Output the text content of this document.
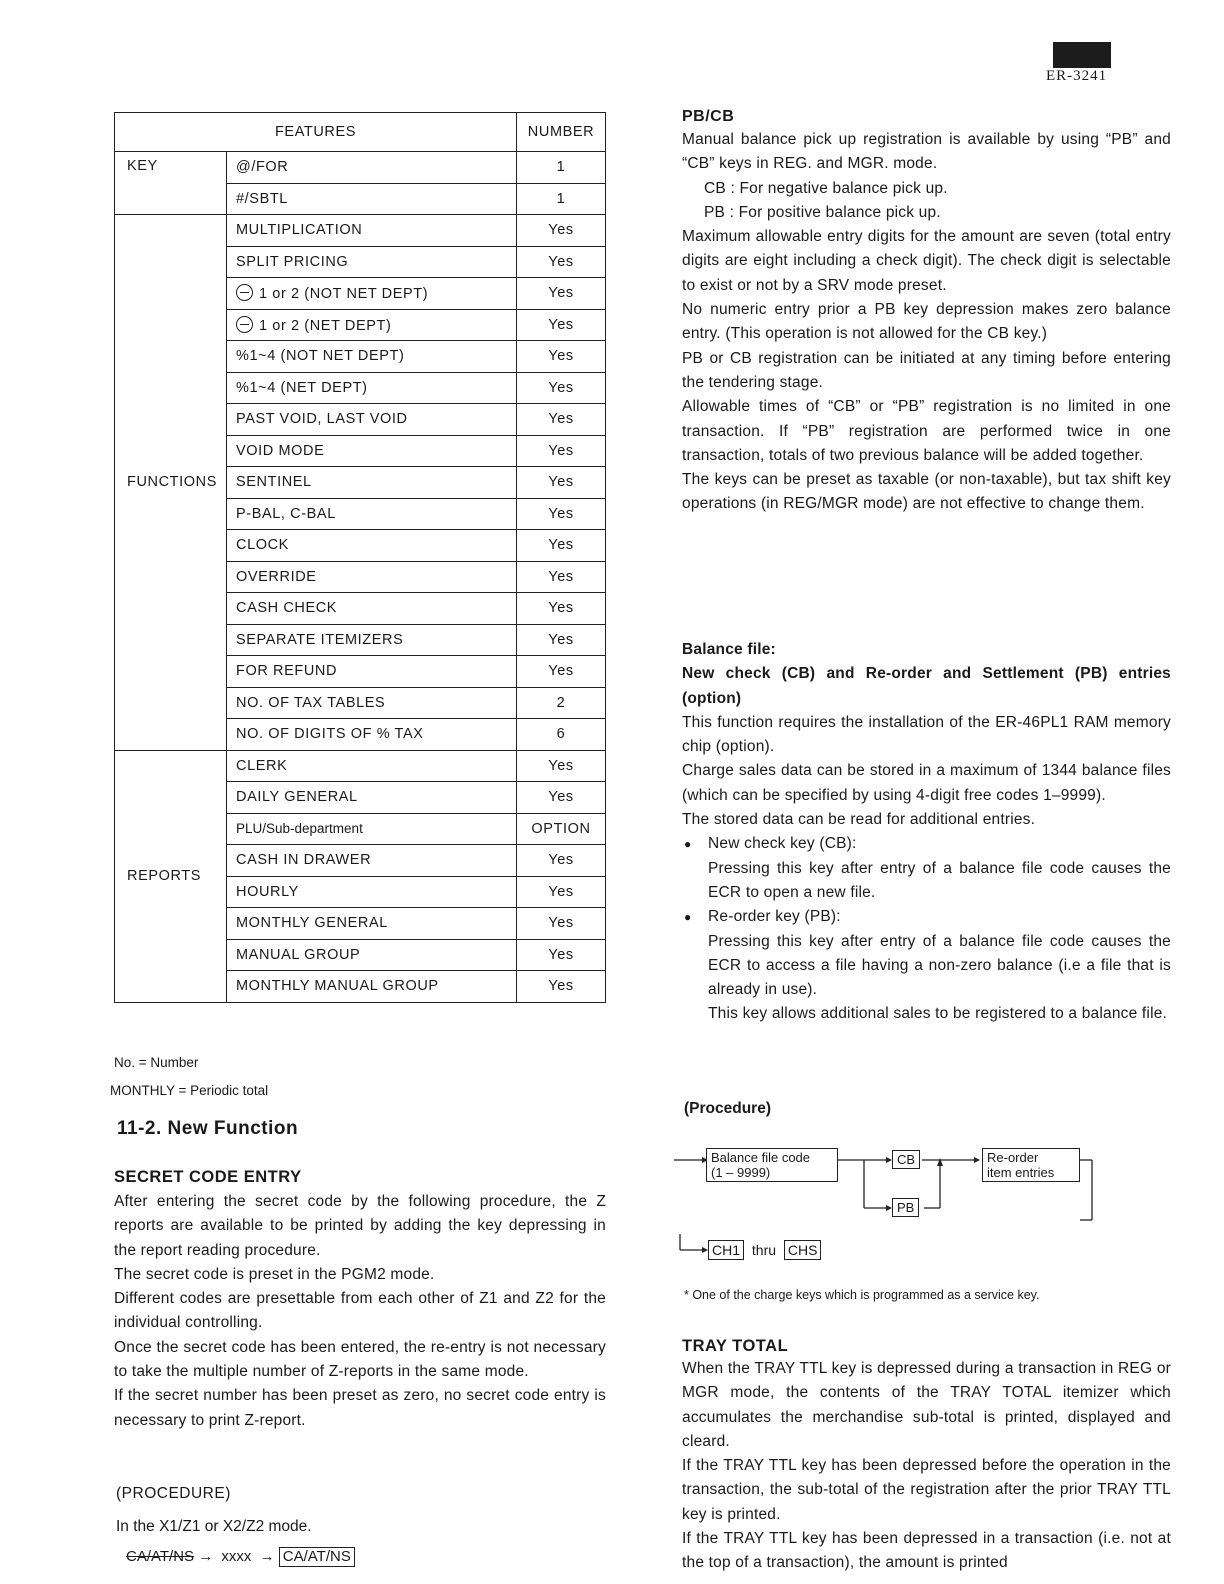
ER-3241
FEATURES		NUMBER
KEY	@/FOR	1
	#/SBTL	1
FUNCTIONS	MULTIPLICATION	Yes
	SPLIT PRICING	Yes
	1 or 2 (NOT NET DEPT)	Yes
	1 or 2 (NET DEPT)	Yes
	%1~4 (NOT NET DEPT)	Yes
	%1~4 (NET DEPT)	Yes
	PAST VOID, LAST VOID	Yes
	VOID MODE	Yes
	SENTINEL	Yes
	P-BAL, C-BAL	Yes
	CLOCK	Yes
	OVERRIDE	Yes
	CASH CHECK	Yes
	SEPARATE ITEMIZERS	Yes
	FOR REFUND	Yes
	NO. OF TAX TABLES	2
	NO. OF DIGITS OF % TAX	6
REPORTS	CLERK	Yes
	DAILY GENERAL	Yes
	PLU/Sub-department	OPTION
	CASH IN DRAWER	Yes
	HOURLY	Yes
	MONTHLY GENERAL	Yes
	MANUAL GROUP	Yes
	MONTHLY MANUAL GROUP	Yes
No. = Number
MONTHLY = Periodic total
11-2. New Function
SECRET CODE ENTRY

After entering the secret code by the following procedure, the Z reports are available to be printed by adding the key depressing in the report reading procedure.

The secret code is preset in the PGM2 mode.

Different codes are presettable from each other of Z1 and Z2 for the individual controlling.

Once the secret code has been entered, the re-entry is not necessary to take the multiple number of Z-reports in the same mode.

If the secret number has been preset as zero, no secret code entry is necessary to print Z-report.

(PROCEDURE)
In the X1/Z1 or X2/Z2 mode.
CA/AT/NS → xxxx → CA/AT/NS
PB/CB

Manual balance pick up registration is available by using “PB” and “CB” keys in REG. and MGR. mode.

CB : For negative balance pick up.

PB : For positive balance pick up.

Maximum allowable entry digits for the amount are seven (total entry digits are eight including a check digit). The check digit is selectable to exist or not by a SRV mode preset.

No numeric entry prior a PB key depression makes zero balance entry. (This operation is not allowed for the CB key.)

PB or CB registration can be initiated at any timing before entering the tendering stage.

Allowable times of “CB” or “PB” registration is no limited in one transaction. If “PB” registration are performed twice in one transaction, totals of two previous balance will be added together.

The keys can be preset as taxable (or non-taxable), but tax shift key operations (in REG/MGR mode) are not effective to change them.

Balance file:

New check (CB) and Re-order and Settlement (PB) entries (option)

This function requires the installation of the ER-46PL1 RAM memory chip (option).

Charge sales data can be stored in a maximum of 1344 balance files (which can be specified by using 4-digit free codes 1–9999).

The stored data can be read for additional entries.

● New check key (CB):

Pressing this key after entry of a balance file code causes the ECR to open a new file.

● Re-order key (PB):

Pressing this key after entry of a balance file code causes the ECR to access a file having a non-zero balance (i.e a file that is already in use).

This key allows additional sales to be registered to a balance file.

(Procedure)
Balance file code
(1 – 9999)
CB
PB
Re-order
item entries
CH1 thru CHS
* One of the charge keys which is programmed as a service key.
TRAY TOTAL

When the TRAY TTL key is depressed during a transaction in REG or MGR mode, the contents of the TRAY TOTAL itemizer which accumulates the merchandise sub-total is printed, displayed and cleard.

If the TRAY TTL key has been depressed before the operation in the transaction, the sub-total of the registration after the prior TRAY TTL key is printed.

If the TRAY TTL key has been depressed in a transaction (i.e. not at the top of a transaction), the amount is printed
